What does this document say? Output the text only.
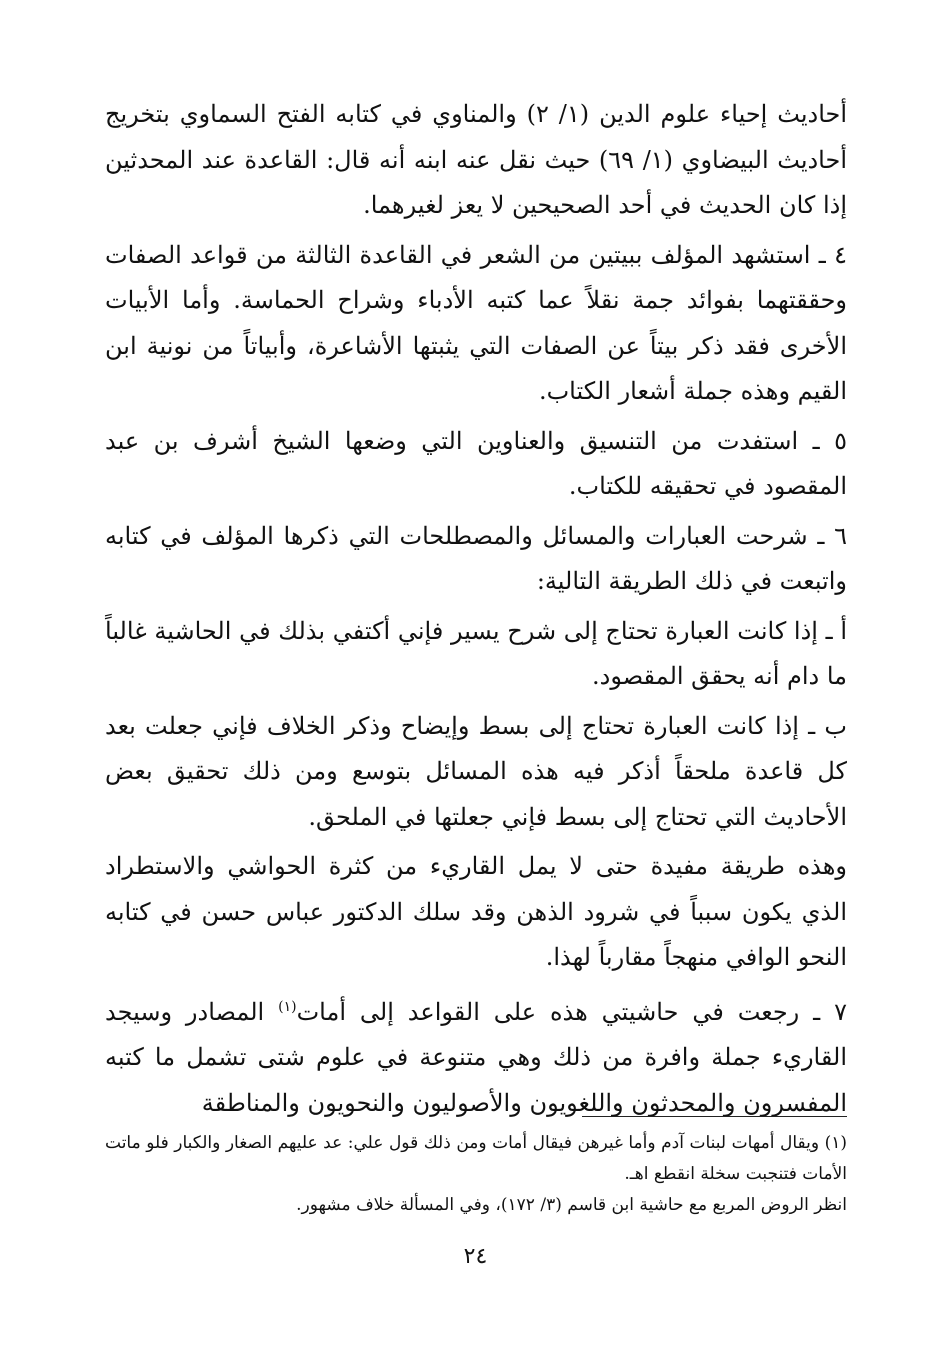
أحاديث إحياء علوم الدين (١/ ٢) والمناوي في كتابه الفتح السماوي بتخريج أحاديث البيضاوي (١/ ٦٩) حيث نقل عنه ابنه أنه قال: القاعدة عند المحدثين إذا كان الحديث في أحد الصحيحين لا يعز لغيرهما.

٤ ـ استشهد المؤلف ببيتين من الشعر في القاعدة الثالثة من قواعد الصفات وحققتهما بفوائد جمة نقلاً عما كتبه الأدباء وشراح الحماسة. وأما الأبيات الأخرى فقد ذكر بيتاً عن الصفات التي يثبتها الأشاعرة، وأبياتاً من نونية ابن القيم وهذه جملة أشعار الكتاب.

٥ ـ استفدت من التنسيق والعناوين التي وضعها الشيخ أشرف بن عبد المقصود في تحقيقه للكتاب.

٦ ـ شرحت العبارات والمسائل والمصطلحات التي ذكرها المؤلف في كتابه واتبعت في ذلك الطريقة التالية:

أ ـ إذا كانت العبارة تحتاج إلى شرح يسير فإني أكتفي بذلك في الحاشية غالباً ما دام أنه يحقق المقصود.

ب ـ إذا كانت العبارة تحتاج إلى بسط وإيضاح وذكر الخلاف فإني جعلت بعد كل قاعدة ملحقاً أذكر فيه هذه المسائل بتوسع ومن ذلك تحقيق بعض الأحاديث التي تحتاج إلى بسط فإني جعلتها في الملحق.

وهذه طريقة مفيدة حتى لا يمل القاريء من كثرة الحواشي والاستطراد الذي يكون سبباً في شرود الذهن وقد سلك الدكتور عباس حسن في كتابه النحو الوافي منهجاً مقارباً لهذا.

٧ ـ رجعت في حاشيتي هذه على القواعد إلى أمات$^{(١)}$ المصادر وسيجد القاريء جملة وافرة من ذلك وهي متنوعة في علوم شتى تشمل ما كتبه المفسرون والمحدثون واللغويون والأصوليون والنحويون والمناطقة

(١) ويقال أمهات لبنات آدم وأما غيرهن فيقال أمات ومن ذلك قول علي: عد عليهم الصغار والكبار فلو ماتت الأمات فتنجبت سخلة انقطع اهـ.

انظر الروض المربع مع حاشية ابن قاسم (٣/ ١٧٢)، وفي المسألة خلاف مشهور.

٢٤
